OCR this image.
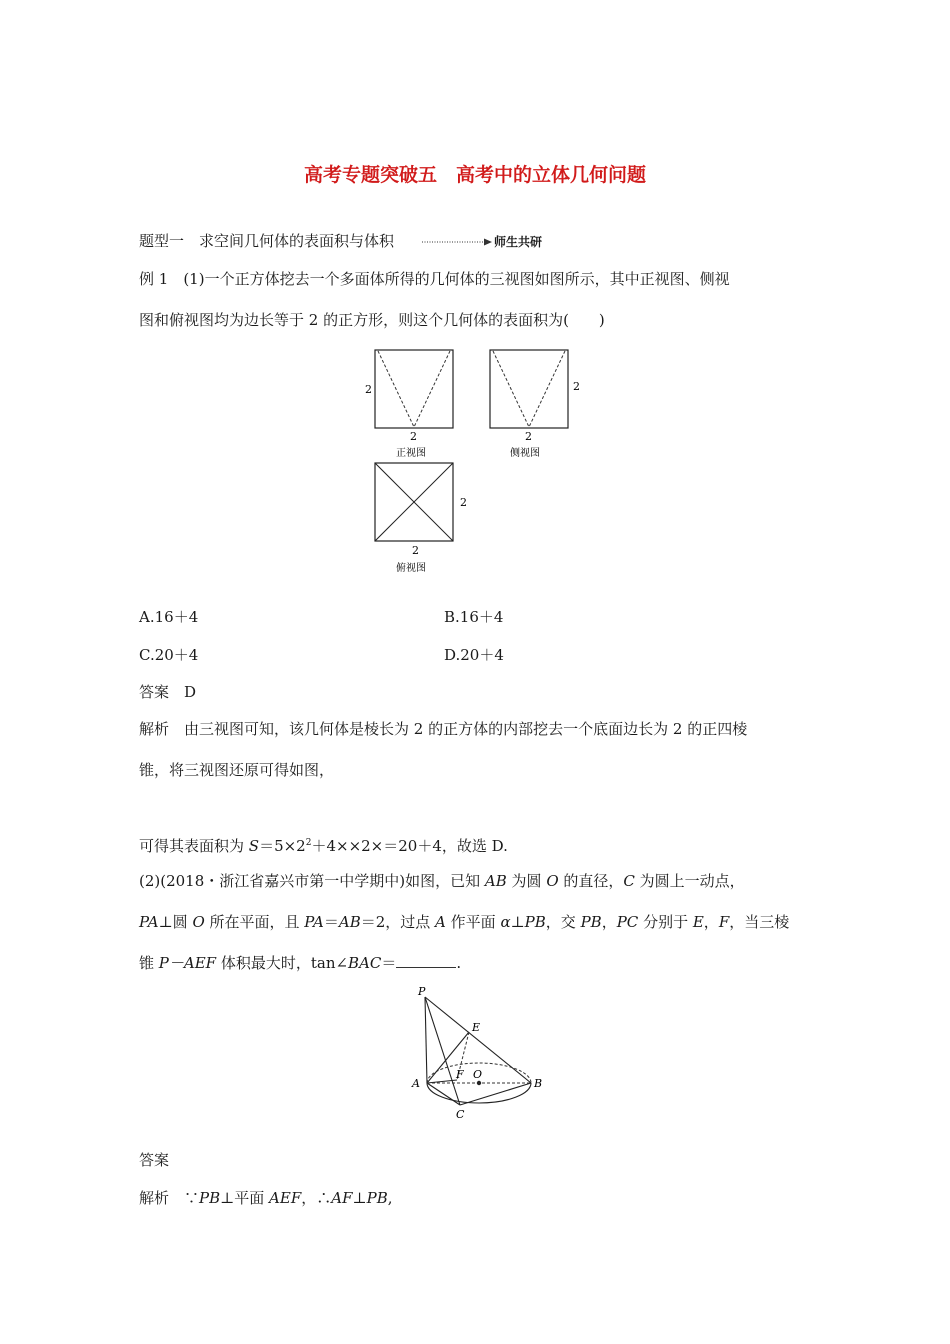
高考专题突破五　高考中的立体几何问题
题型一　求空间几何体的表面积与体积	师生共研
例 1　 (1)一个正方体挖去一个多面体所得的几何体的三视图如图所示，其中正视图、侧视
图和俯视图均为边长等于 2 的正方形，则这个几何体的表面积为(　　)
2
2
正视图
2
2
侧视图
2
2
俯视图
A.16＋4	B.16＋4
C.20＋4	D.20＋4
答案　 D
解析　 由三视图可知，该几何体是棱长为 2 的正方体的内部挖去一个底面边长为 2 的正四棱
锥，将三视图还原可得如图，
可得其表面积为 $S=5\times 2^2+4\times\times 2\times=20+4$，故选 D.
(2)(2018・浙江省嘉兴市第一中学期中)如图，已知 AB 为圆 O 的直径，C 为圆上一动点，
PA⊥圆 O 所在平面，且 PA＝AB＝2，过点 A 作平面 α⊥PB，交 PB，PC 分别于 E，F，当三棱
锥 P－AEF 体积最大时，tan∠BAC＝	.
P
E
A
F O
B
C
答案
解析　 ∵PB⊥平面 AEF，∴AF⊥PB,
